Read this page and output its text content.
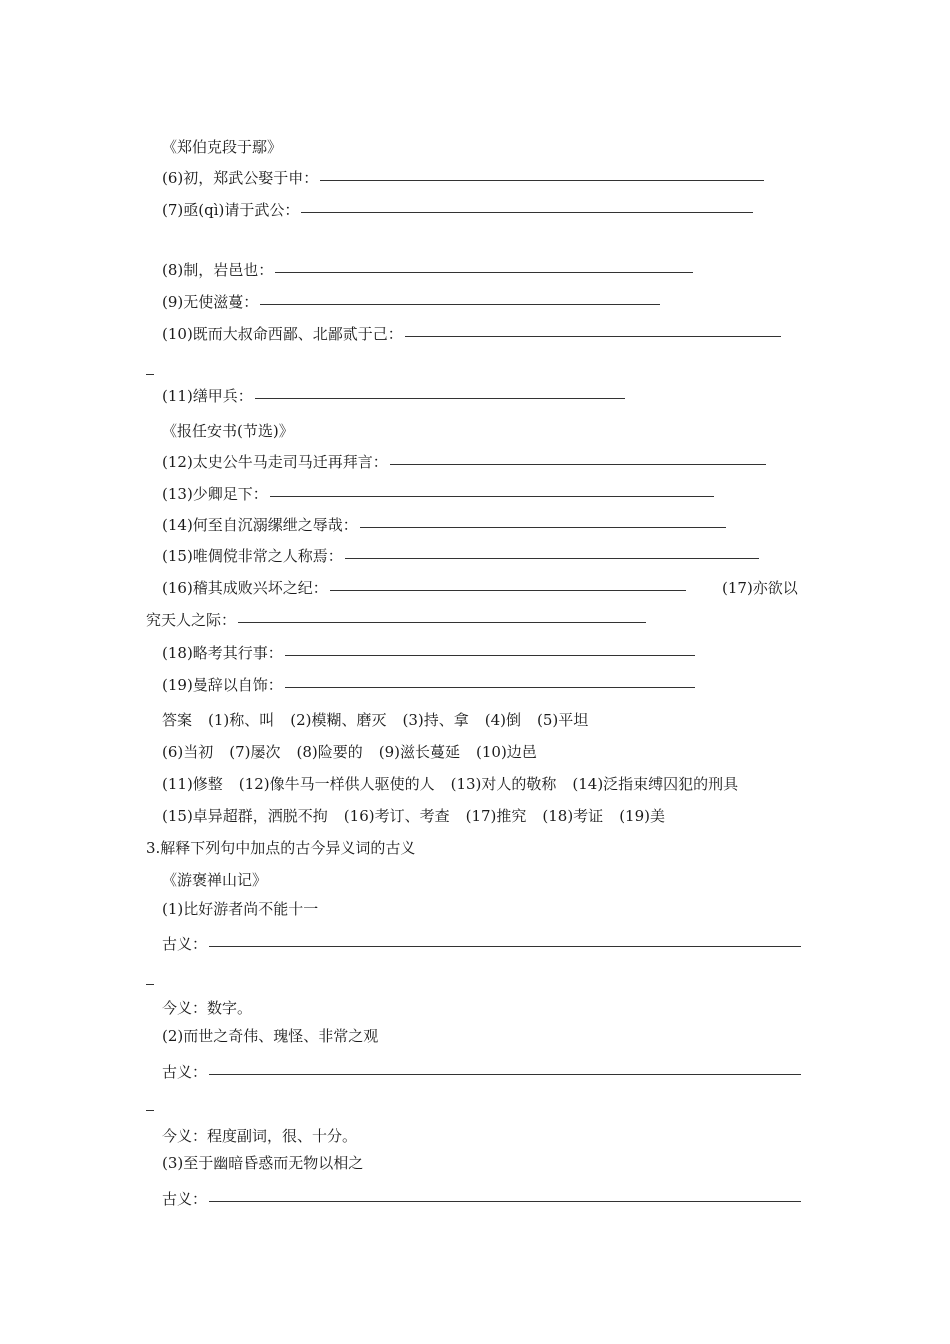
《郑伯克段于鄢》
(6)初，郑武公娶于申：
(7)亟(qì)请于武公：
(8)制，岩邑也：
(9)无使滋蔓：
(10)既而大叔命西鄙、北鄙贰于己：
(11)缮甲兵：
《报任安书(节选)》
(12)太史公牛马走司马迁再拜言：
(13)少卿足下：
(14)何至自沉溺缧绁之辱哉：
(15)唯倜傥非常之人称焉：
(16)稽其成败兴坏之纪：	(17)亦欲以
究天人之际：
(18)略考其行事：
(19)曼辞以自饰：
答案 (1)称、叫 (2)模糊、磨灭 (3)持、拿 (4)倒 (5)平坦
(6)当初 (7)屡次 (8)险要的 (9)滋长蔓延 (10)边邑
(11)修整 (12)像牛马一样供人驱使的人 (13)对人的敬称 (14)泛指束缚囚犯的刑具
(15)卓异超群，洒脱不拘 (16)考订、考查 (17)推究 (18)考证 (19)美
3.解释下列句中加点的古今异义词的古义
《游褒禅山记》
(1)比好游者尚不能十一
古义：
今义：数字。
(2)而世之奇伟、瑰怪、非常之观
古义：
今义：程度副词，很、十分。
(3)至于幽暗昏惑而无物以相之
古义：
